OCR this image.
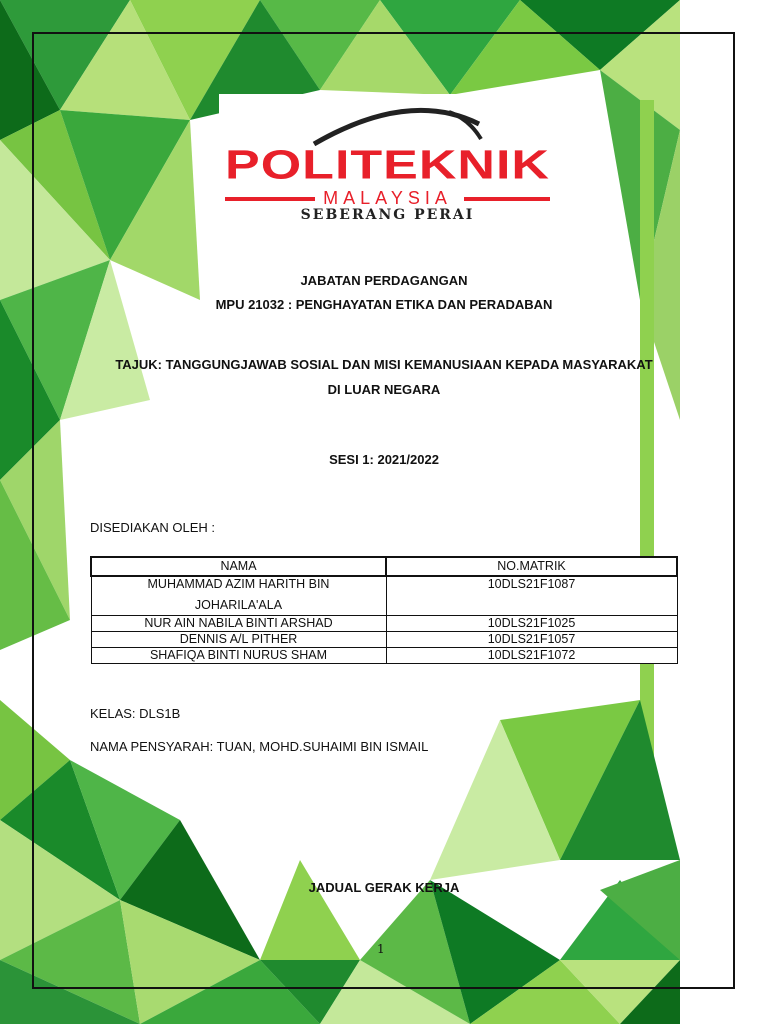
POLITEKNIK
MALAYSIA
SEBERANG PERAI
JABATAN PERDAGANGAN
MPU 21032 : PENGHAYATAN ETIKA DAN PERADABAN
TAJUK: TANGGUNGJAWAB SOSIAL DAN MISI KEMANUSIAAN KEPADA MASYARAKAT
DI LUAR NEGARA
SESI 1: 2021/2022
DISEDIAKAN OLEH :
NAMA	NO.MATRIK

MUHAMMAD AZIM HARITH BIN
JOHARILA'ALA	10DLS21F1087
NUR AIN NABILA BINTI ARSHAD	10DLS21F1025
DENNIS A/L PITHER	10DLS21F1057
SHAFIQA BINTI NURUS SHAM	10DLS21F1072
KELAS: DLS1B
NAMA PENSYARAH: TUAN, MOHD.SUHAIMI BIN ISMAIL
JADUAL GERAK KERJA
1
